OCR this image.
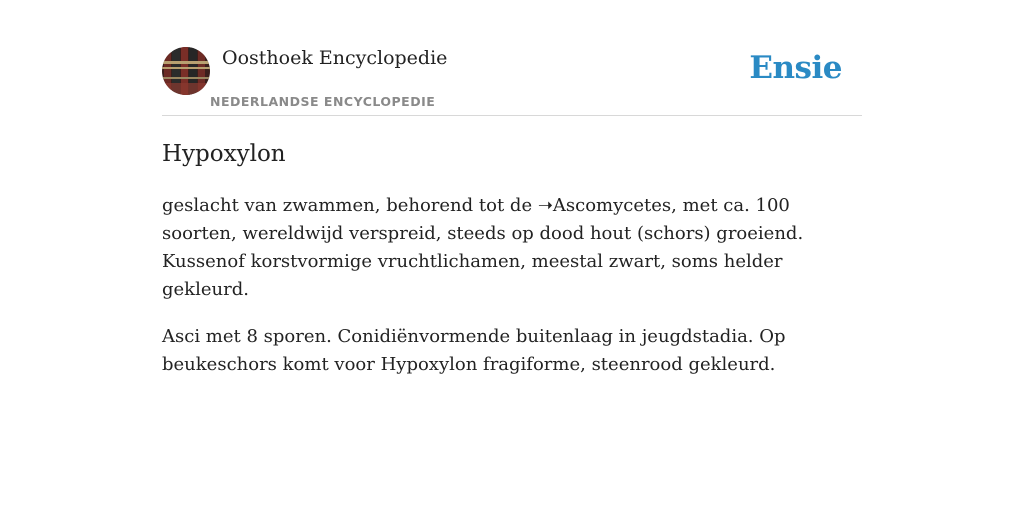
Oosthoek Encyclopedie
NEDERLANDSE ENCYCLOPEDIE
Ensie
Hypoxylon

geslacht van zwammen, behorend tot de ➝Ascomycetes, met ca. 100 soorten, wereldwijd verspreid, steeds op dood hout (schors) groeiend. Kussenof korstvormige vruchtlichamen, meestal zwart, soms helder gekleurd.

Asci met 8 sporen. Conidiënvormende buitenlaag in jeugdstadia. Op beukeschors komt voor Hypoxylon fragiforme, steenrood gekleurd.
